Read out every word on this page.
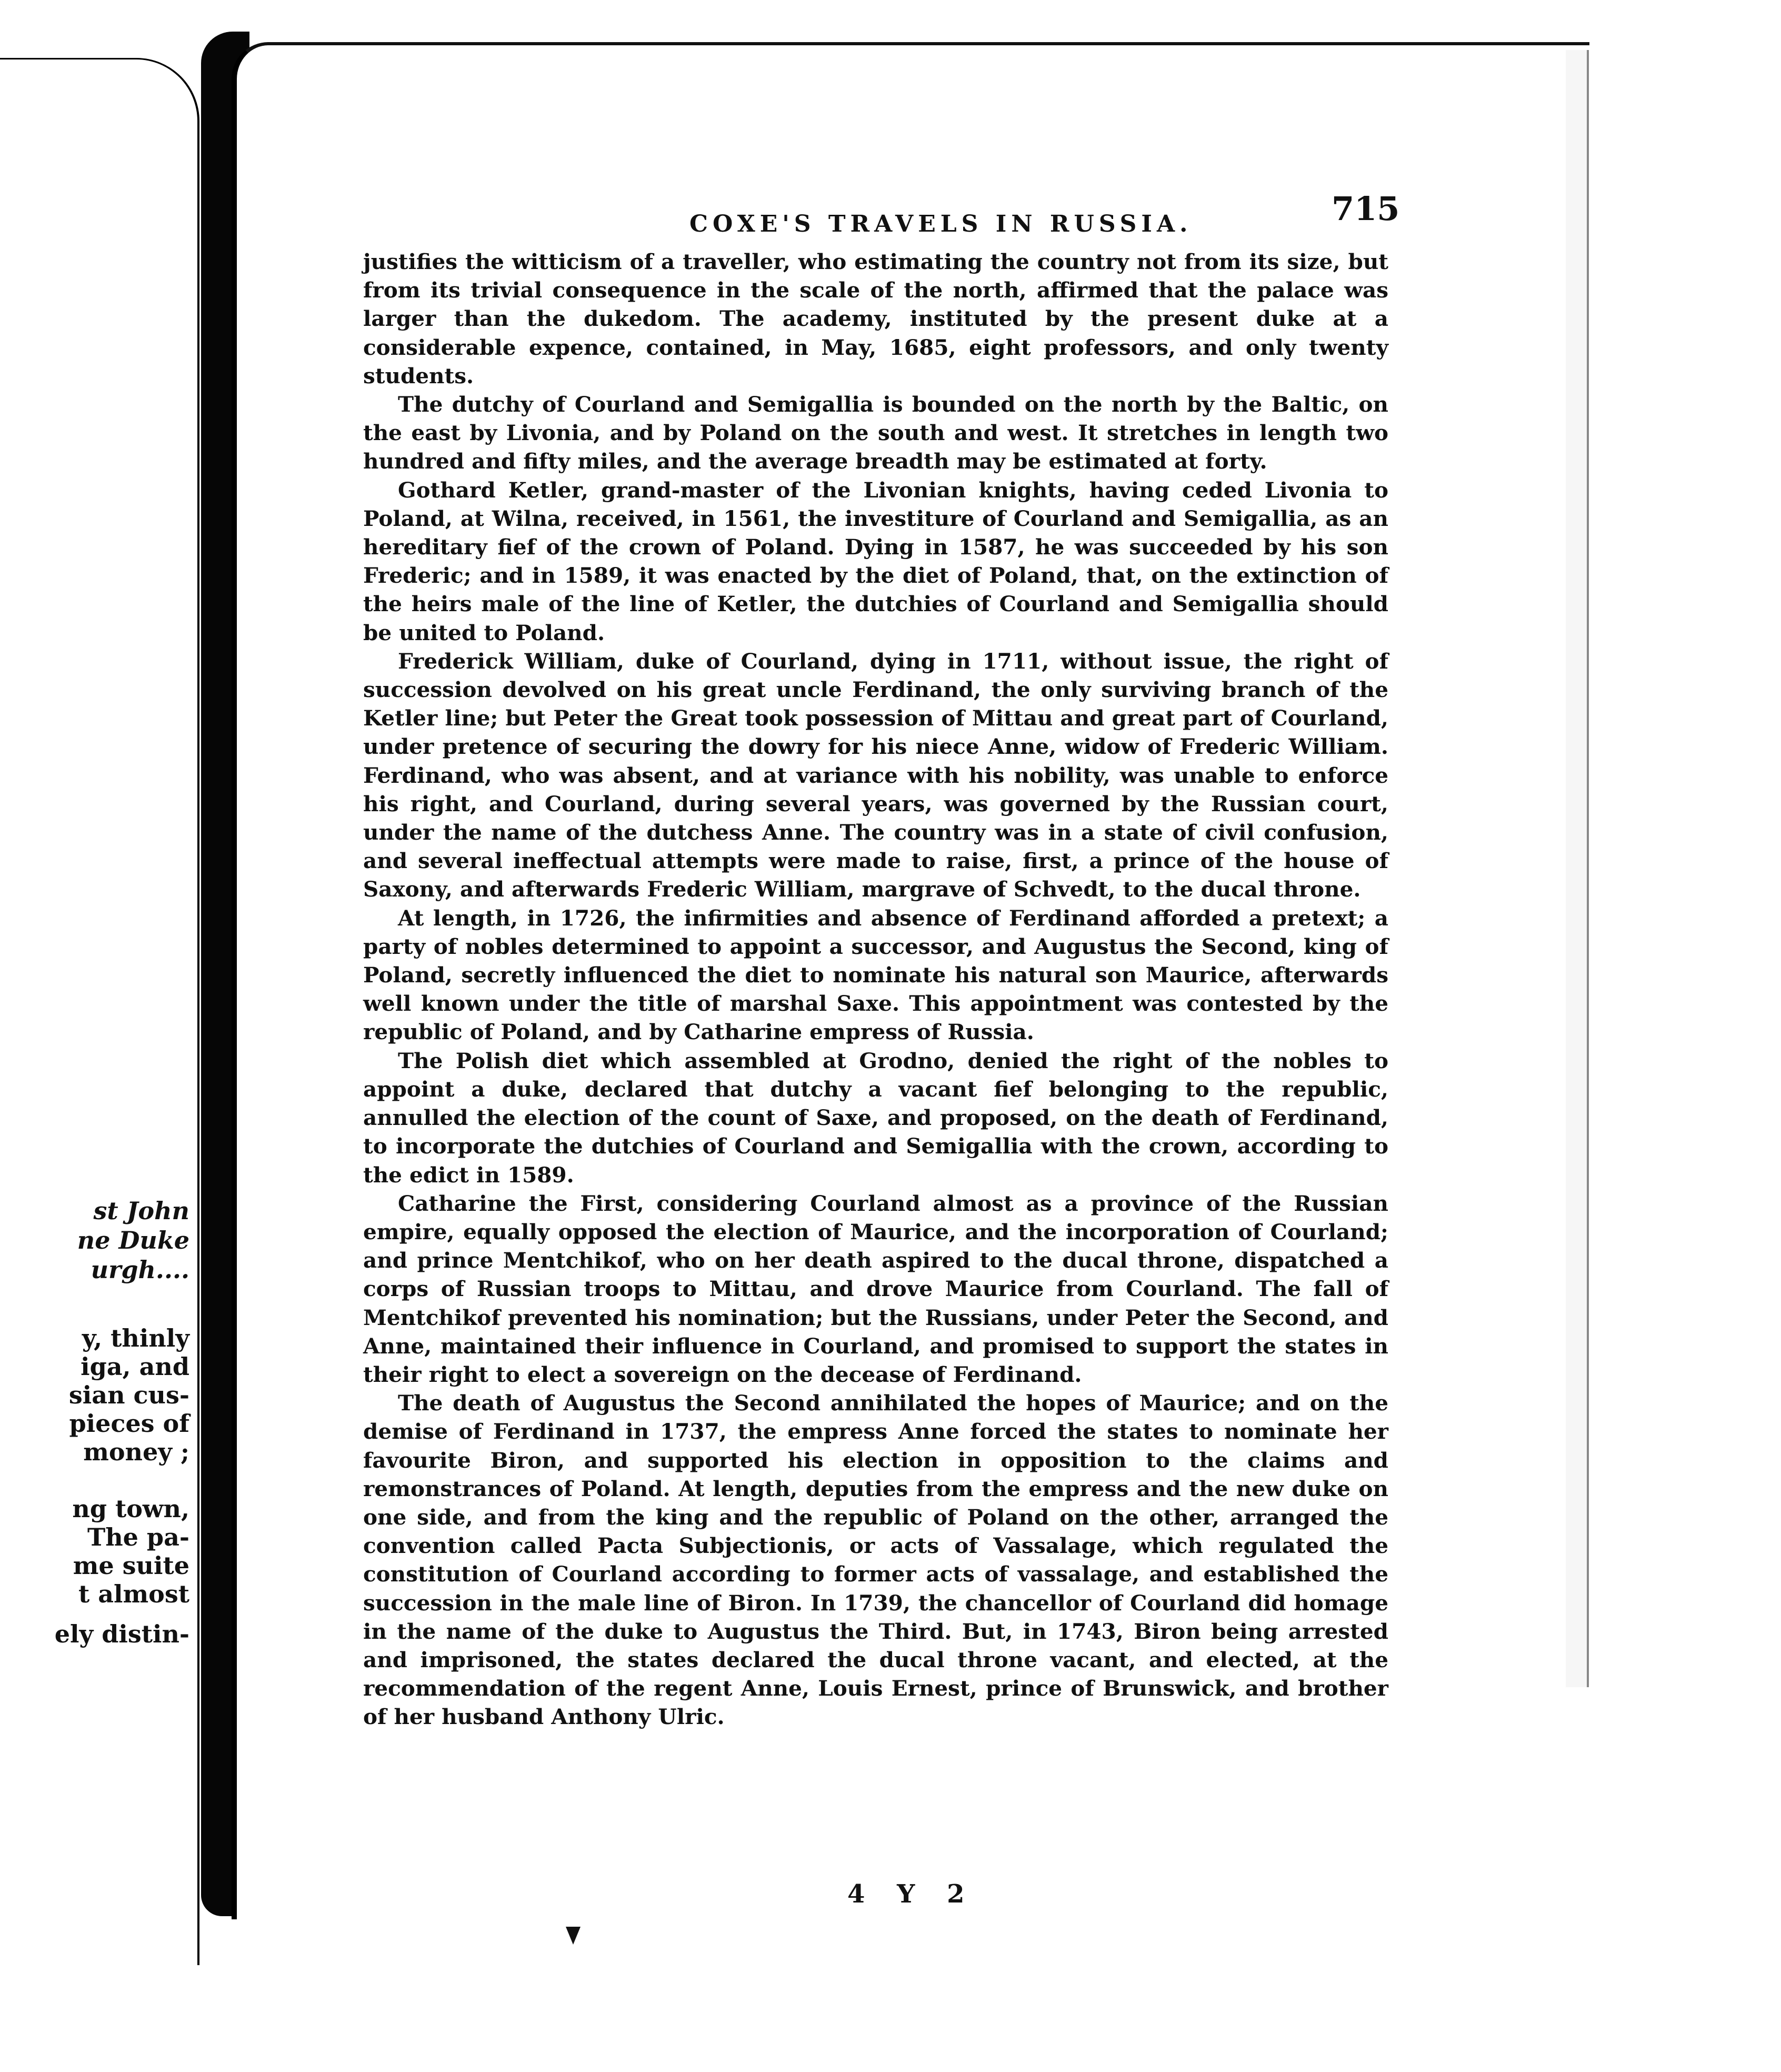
st John
ne Duke
urgh....
y, thinly
iga, and
sian cus-
pieces of
money ;
ng town,
The pa-
me suite
t almost
ely distin-
COXE'S TRAVELS IN RUSSIA.	715

justifies the witticism of a traveller, who estimating the country not from its size, but from its trivial consequence in the scale of the north, affirmed that the palace was larger than the dukedom. The academy, instituted by the present duke at a considerable expence, contained, in May, 1685, eight professors, and only twenty students.

The dutchy of Courland and Semigallia is bounded on the north by the Baltic, on the east by Livonia, and by Poland on the south and west. It stretches in length two hundred and fifty miles, and the average breadth may be estimated at forty.

Gothard Ketler, grand-master of the Livonian knights, having ceded Livonia to Poland, at Wilna, received, in 1561, the investiture of Courland and Semigallia, as an hereditary fief of the crown of Poland. Dying in 1587, he was succeeded by his son Frederic; and in 1589, it was enacted by the diet of Poland, that, on the extinction of the heirs male of the line of Ketler, the dutchies of Courland and Semigallia should be united to Poland.

Frederick William, duke of Courland, dying in 1711, without issue, the right of succession devolved on his great uncle Ferdinand, the only surviving branch of the Ketler line; but Peter the Great took possession of Mittau and great part of Courland, under pretence of securing the dowry for his niece Anne, widow of Frederic William. Ferdinand, who was absent, and at variance with his nobility, was unable to enforce his right, and Courland, during several years, was governed by the Russian court, under the name of the dutchess Anne. The country was in a state of civil confusion, and several ineffectual attempts were made to raise, first, a prince of the house of Saxony, and afterwards Frederic William, margrave of Schvedt, to the ducal throne.

At length, in 1726, the infirmities and absence of Ferdinand afforded a pretext; a party of nobles determined to appoint a successor, and Augustus the Second, king of Poland, secretly influenced the diet to nominate his natural son Maurice, afterwards well known under the title of marshal Saxe. This appointment was contested by the republic of Poland, and by Catharine empress of Russia.

The Polish diet which assembled at Grodno, denied the right of the nobles to appoint a duke, declared that dutchy a vacant fief belonging to the republic, annulled the election of the count of Saxe, and proposed, on the death of Ferdinand, to incorporate the dutchies of Courland and Semigallia with the crown, according to the edict in 1589.

Catharine the First, considering Courland almost as a province of the Russian empire, equally opposed the election of Maurice, and the incorporation of Courland; and prince Mentchikof, who on her death aspired to the ducal throne, dispatched a corps of Russian troops to Mittau, and drove Maurice from Courland. The fall of Mentchikof prevented his nomination; but the Russians, under Peter the Second, and Anne, maintained their influence in Courland, and promised to support the states in their right to elect a sovereign on the decease of Ferdinand.

The death of Augustus the Second annihilated the hopes of Maurice; and on the demise of Ferdinand in 1737, the empress Anne forced the states to nominate her favourite Biron, and supported his election in opposition to the claims and remonstrances of Poland. At length, deputies from the empress and the new duke on one side, and from the king and the republic of Poland on the other, arranged the convention called Pacta Subjectionis, or acts of Vassalage, which regulated the constitution of Courland according to former acts of vassalage, and established the succession in the male line of Biron. In 1739, the chancellor of Courland did homage in the name of the duke to Augustus the Third. But, in 1743, Biron being arrested and imprisoned, the states declared the ducal throne vacant, and elected, at the recommendation of the regent Anne, Louis Ernest, prince of Brunswick, and brother of her husband Anthony Ulric.

4 Y 2
